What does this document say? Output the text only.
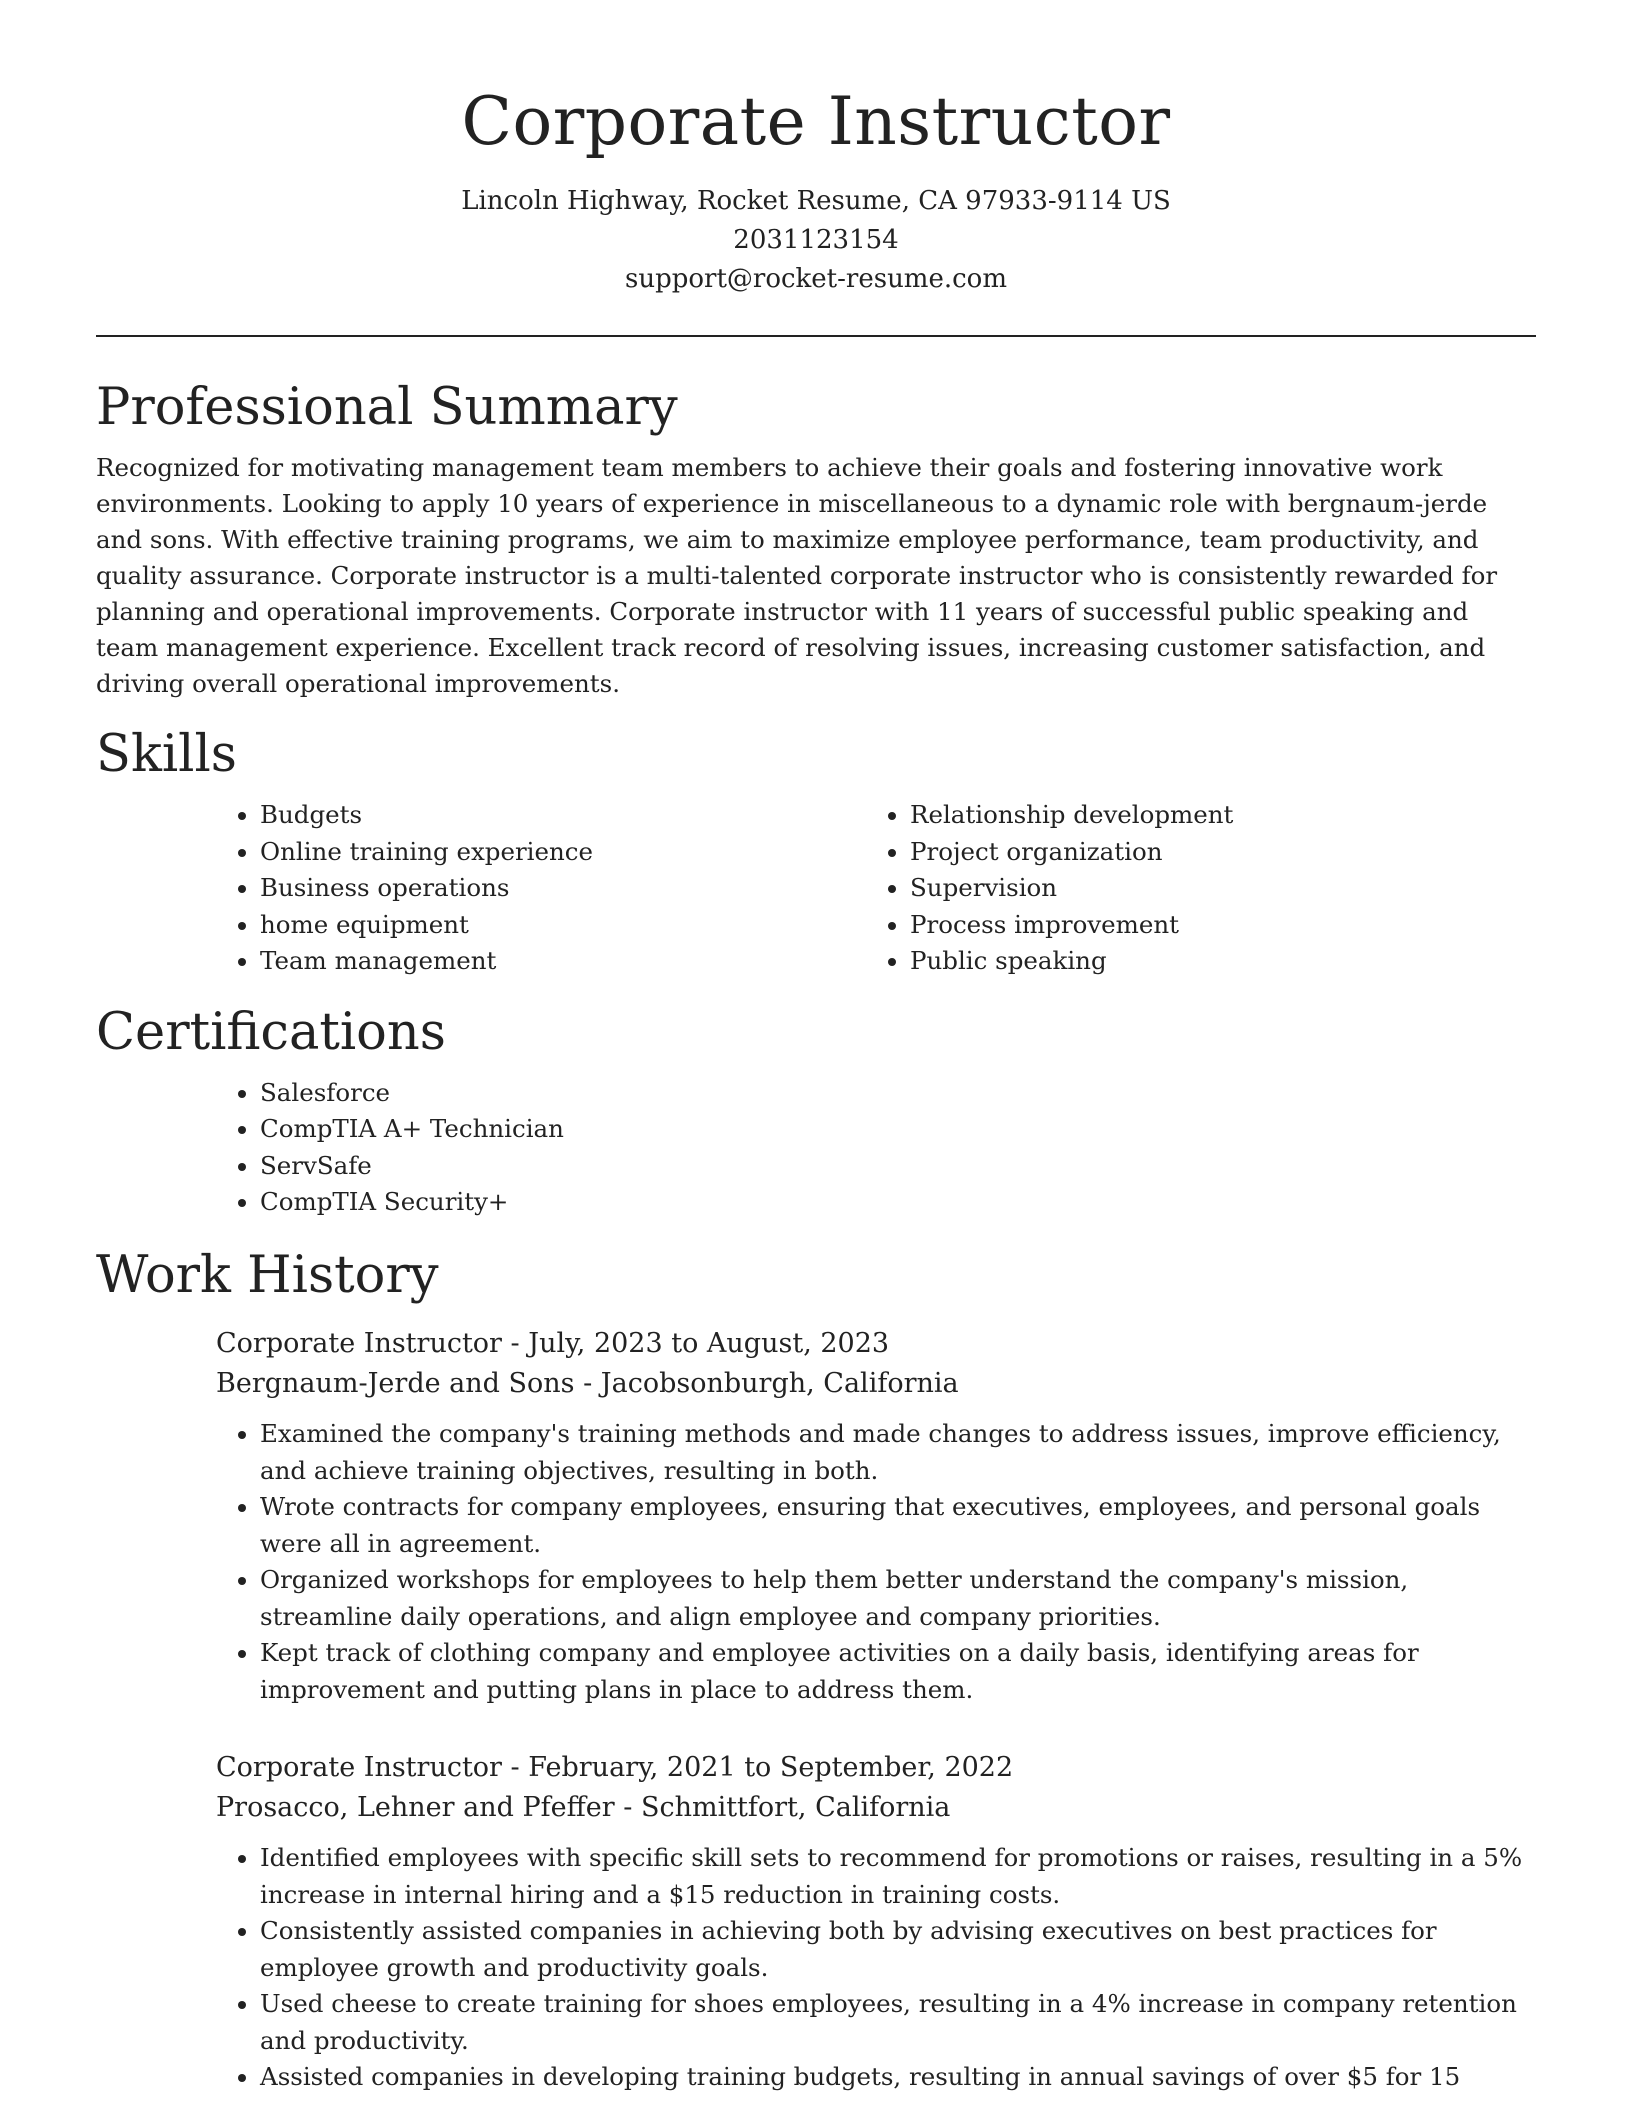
Corporate Instructor

Lincoln Highway, Rocket Resume, CA 97933-9114 US

2031123154

support@rocket-resume.com

Professional Summary

Recognized for motivating management team members to achieve their goals and fostering innovative work environments. Looking to apply 10 years of experience in miscellaneous to a dynamic role with bergnaum-jerde and sons. With effective training programs, we aim to maximize employee performance, team productivity, and quality assurance. Corporate instructor is a multi-talented corporate instructor who is consistently rewarded for planning and operational improvements. Corporate instructor with 11 years of successful public speaking and team management experience. Excellent track record of resolving issues, increasing customer satisfaction, and driving overall operational improvements.

Skills
• Budgets
• Online training experience
• Business operations
• home equipment
• Team management
• Relationship development
• Project organization
• Supervision
• Process improvement
• Public speaking
Certifications
• Salesforce
• CompTIA A+ Technician
• ServSafe
• CompTIA Security+
Work History

Corporate Instructor - July, 2023 to August, 2023

Bergnaum-Jerde and Sons - Jacobsonburgh, California

• Examined the company's training methods and made changes to address issues, improve efficiency, and achieve training objectives, resulting in both.
• Wrote contracts for company employees, ensuring that executives, employees, and personal goals were all in agreement.
• Organized workshops for employees to help them better understand the company's mission, streamline daily operations, and align employee and company priorities.
• Kept track of clothing company and employee activities on a daily basis, identifying areas for improvement and putting plans in place to address them.

Corporate Instructor - February, 2021 to September, 2022

Prosacco, Lehner and Pfeffer - Schmittfort, California

• Identified employees with specific skill sets to recommend for promotions or raises, resulting in a 5% increase in internal hiring and a $15 reduction in training costs.
• Consistently assisted companies in achieving both by advising executives on best practices for employee growth and productivity goals.
• Used cheese to create training for shoes employees, resulting in a 4% increase in company retention and productivity.
• Assisted companies in developing training budgets, resulting in annual savings of over $5 for 15
